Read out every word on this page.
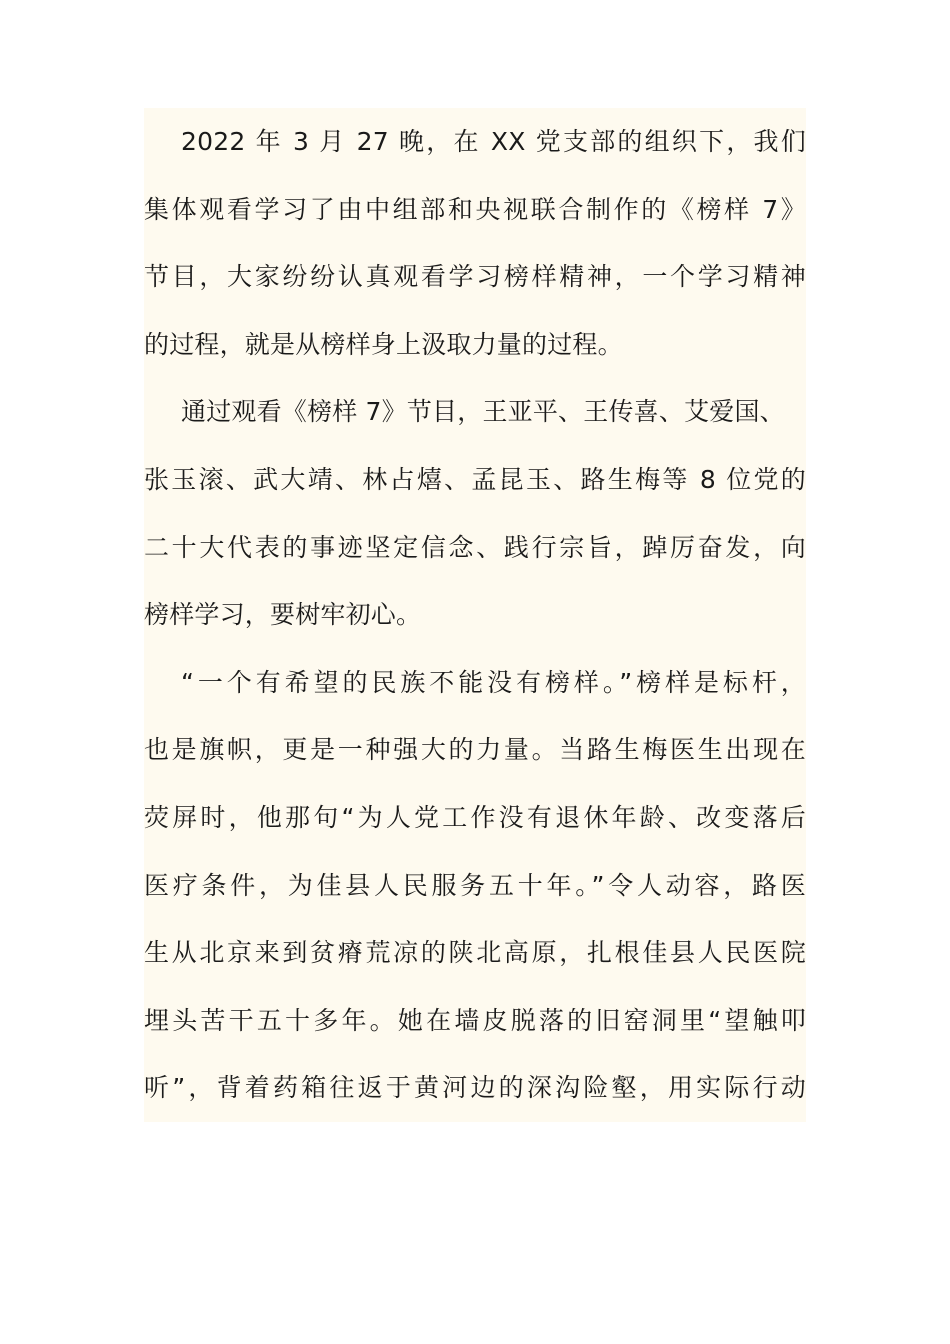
2022 年 3 月 27 晚，在 XX 党支部的组织下，我们
集体观看学习了由中组部和央视联合制作的《榜样 7》
节目，大家纷纷认真观看学习榜样精神，一个学习精神
的过程，就是从榜样身上汲取力量的过程。
通过观看《榜样 7》节目，王亚平、王传喜、艾爱国、
张玉滚、武大靖、林占熺、孟昆玉、路生梅等 8 位党的
二十大代表的事迹坚定信念、践行宗旨，踔厉奋发，向
榜样学习，要树牢初心。
“一个有希望的民族不能没有榜样。”榜样是标杆，
也是旗帜，更是一种强大的力量。当路生梅医生出现在
荧屏时，他那句“为人党工作没有退休年龄、改变落后
医疗条件，为佳县人民服务五十年。”令人动容，路医
生从北京来到贫瘠荒凉的陕北高原，扎根佳县人民医院
埋头苦干五十多年。她在墙皮脱落的旧窑洞里“望触叩
听”，背着药箱往返于黄河边的深沟险壑，用实际行动
